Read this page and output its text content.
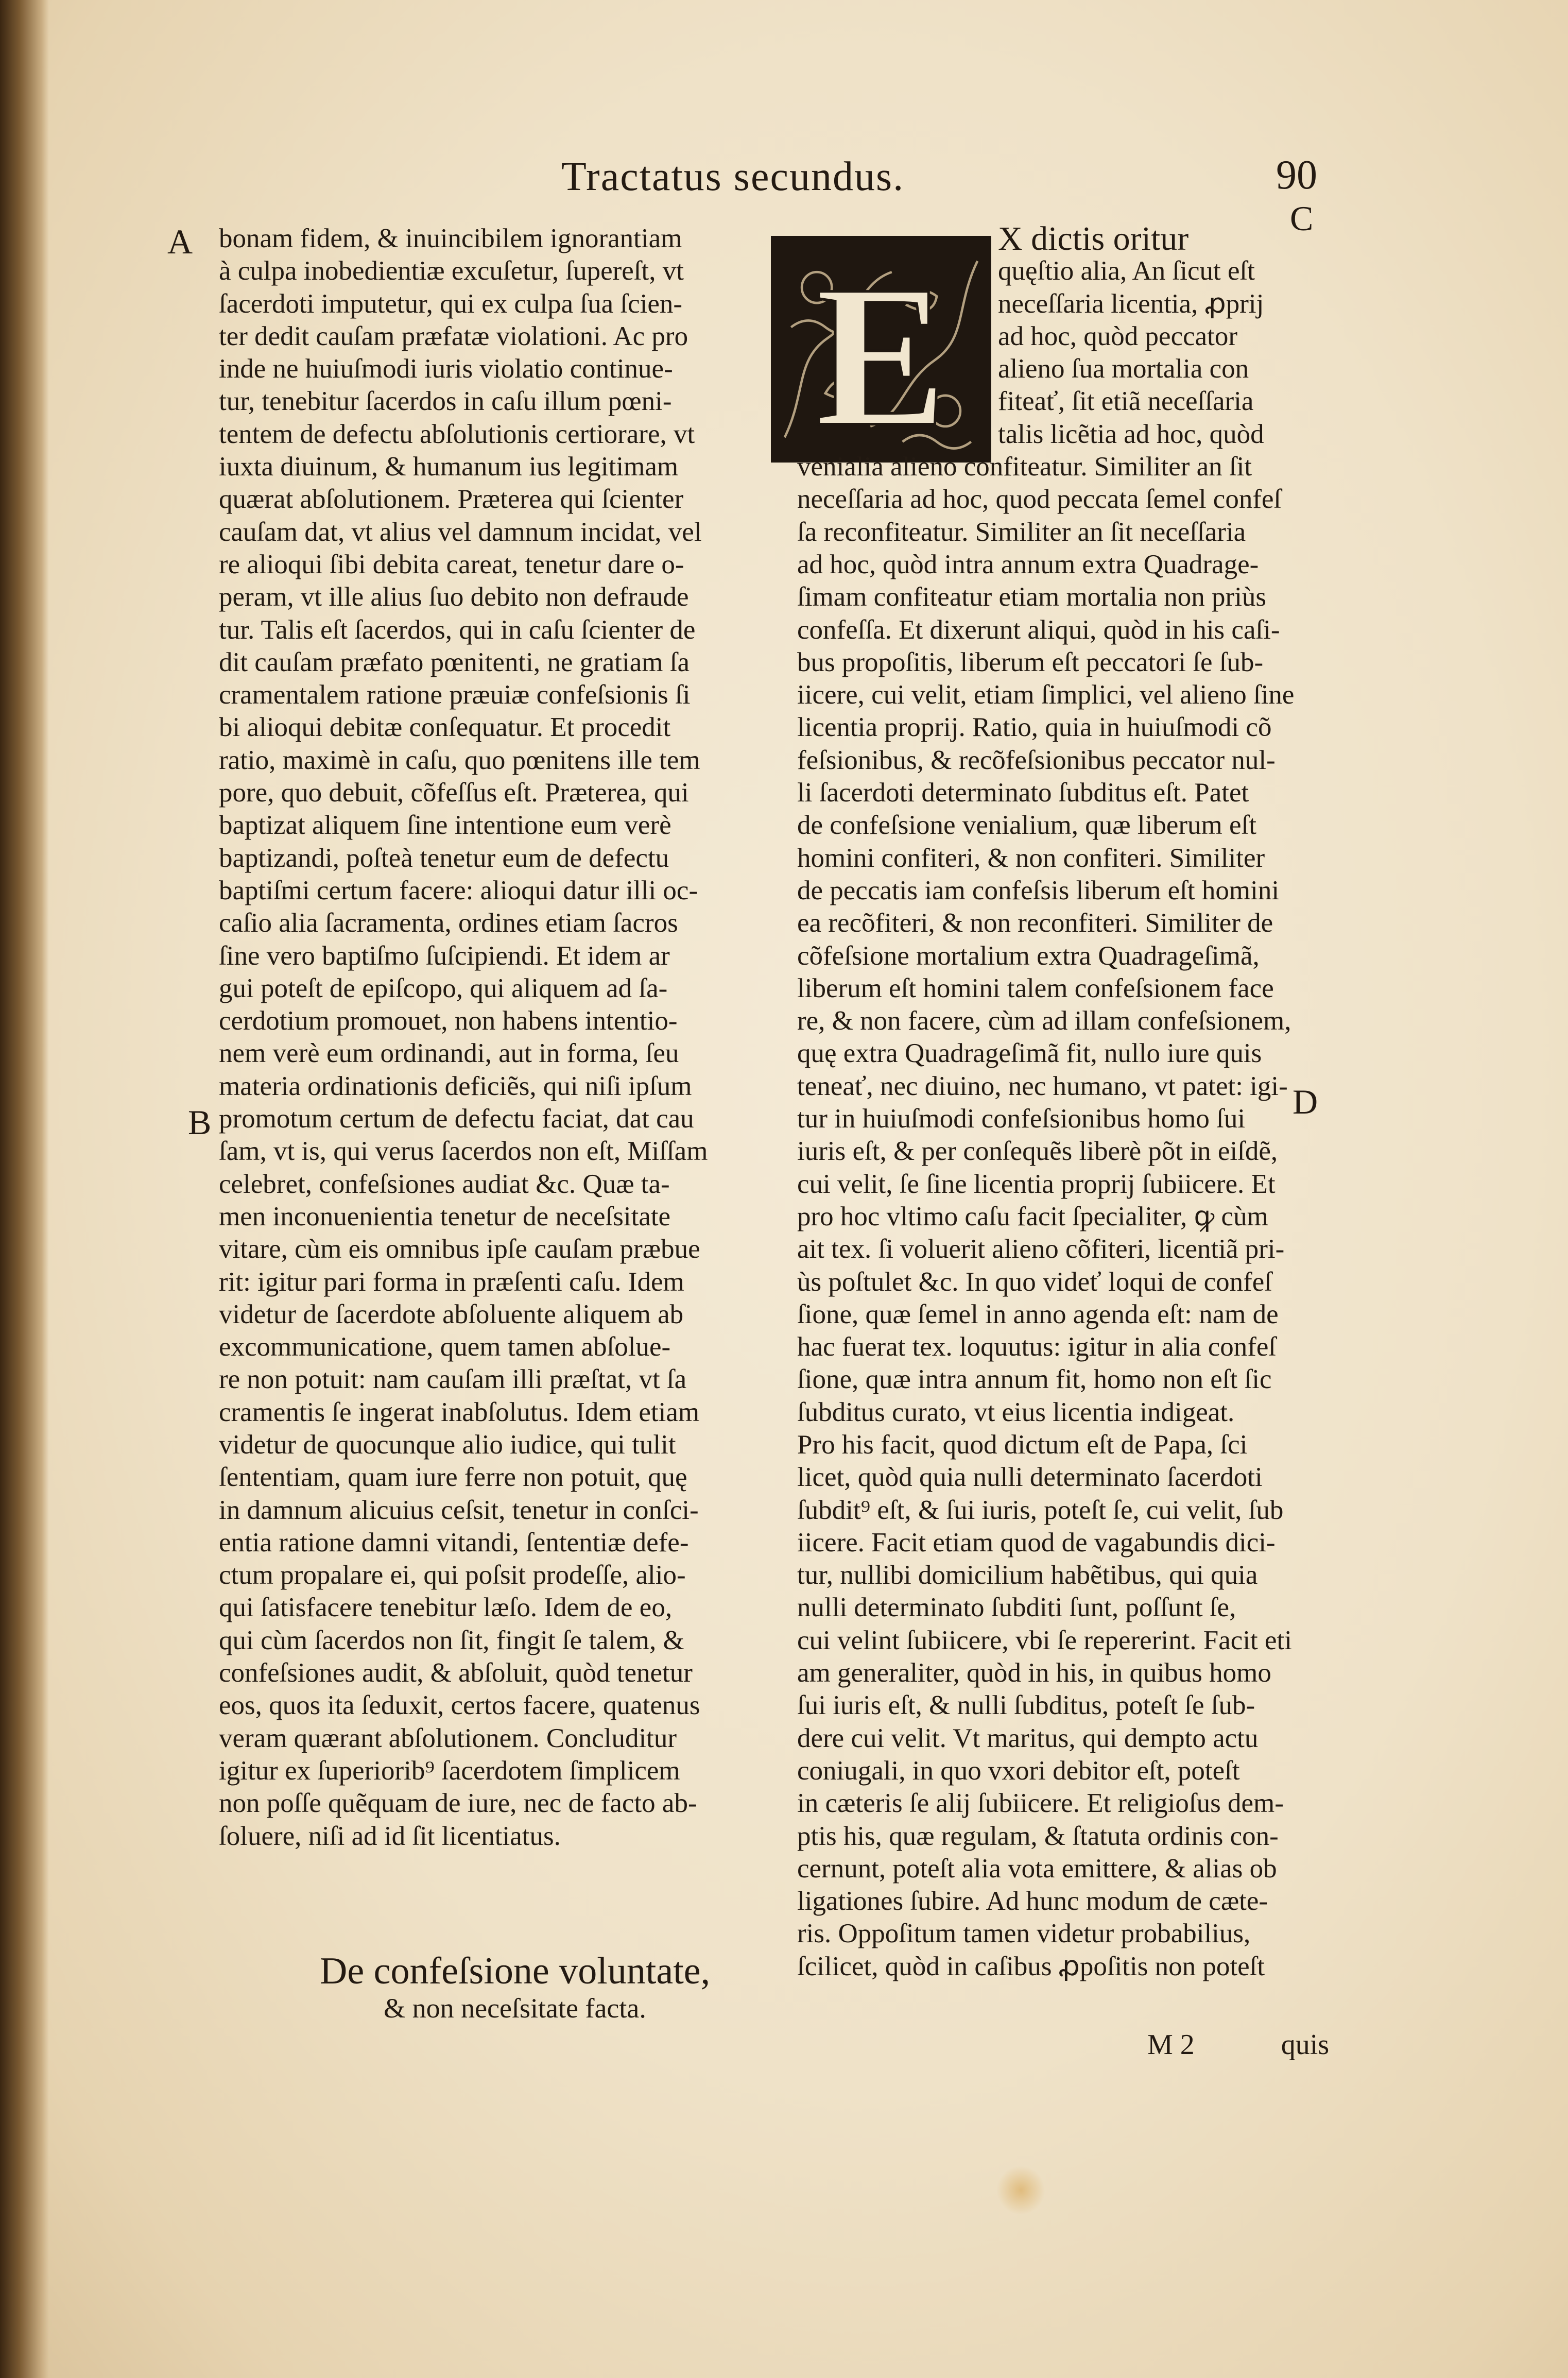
Tractatus secundus.	90
A
B
C
D
bonam fidem, & inuincibilem ignorantiam
à culpa inobedientiæ excuſetur, ſupereſt, vt
ſacerdoti imputetur, qui ex culpa ſua ſcien-
ter dedit cauſam præfatæ violationi. Ac pro
inde ne huiuſmodi iuris violatio continue-
tur, tenebitur ſacerdos in caſu illum pœni-
tentem de defectu abſolutionis certiorare, vt
iuxta diuinum, & humanum ius legitimam
quærat abſolutionem. Præterea qui ſcienter
cauſam dat, vt alius vel damnum incidat, vel
re alioqui ſibi debita careat, tenetur dare o-
peram, vt ille alius ſuo debito non defraude
tur. Talis eſt ſacerdos, qui in caſu ſcienter de
dit cauſam præfato pœnitenti, ne gratiam ſa
cramentalem ratione præuiæ confeſsionis ſi
bi alioqui debitæ conſequatur. Et procedit
ratio, maximè in caſu, quo pœnitens ille tem
pore, quo debuit, cõfeſſus eſt. Præterea, qui
baptizat aliquem ſine intentione eum verè
baptizandi, poſteà tenetur eum de defectu
baptiſmi certum facere: alioqui datur illi oc-
caſio alia ſacramenta, ordines etiam ſacros
ſine vero baptiſmo ſuſcipiendi. Et idem ar
gui poteſt de epiſcopo, qui aliquem ad ſa-
cerdotium promouet, non habens intentio-
nem verè eum ordinandi, aut in forma, ſeu
materia ordinationis deficiẽs, qui niſi ipſum
promotum certum de defectu faciat, dat cau
ſam, vt is, qui verus ſacerdos non eſt, Miſſam
celebret, confeſsiones audiat &c. Quæ ta-
men inconuenientia tenetur de neceſsitate
vitare, cùm eis omnibus ipſe cauſam præbue
rit: igitur pari forma in præſenti caſu. Idem
videtur de ſacerdote abſoluente aliquem ab
excommunicatione, quem tamen abſolue-
re non potuit: nam cauſam illi præſtat, vt ſa
cramentis ſe ingerat inabſolutus. Idem etiam
videtur de quocunque alio iudice, qui tulit
ſententiam, quam iure ferre non potuit, quę
in damnum alicuius ceſsit, tenetur in conſci-
entia ratione damni vitandi, ſententiæ defe-
ctum propalare ei, qui poſsit prodeſſe, alio-
qui ſatisfacere tenebitur læſo. Idem de eo,
qui cùm ſacerdos non ſit, fingit ſe talem, &
confeſsiones audit, & abſoluit, quòd tenetur
eos, quos ita ſeduxit, certos facere, quatenus
veram quærant abſolutionem. Concluditur
igitur ex ſuperiorib⁹ ſacerdotem ſimplicem
non poſſe quẽquam de iure, nec de facto ab-
ſoluere, niſi ad id ſit licentiatus.
De confeſsione voluntate,
& non neceſsitate facta.
E
X dictis oritur
quęſtio alia, An ſicut eſt
neceſſaria licentia, ꝓprij
ad hoc, quòd peccator
alieno ſua mortalia con
fiteať, ſit etiã neceſſaria
talis licẽtia ad hoc, quòd
venialia alieno confiteatur. Similiter an ſit
neceſſaria ad hoc, quod peccata ſemel confeſ
ſa reconfiteatur. Similiter an ſit neceſſaria
ad hoc, quòd intra annum extra Quadrage-
ſimam confiteatur etiam mortalia non priùs
confeſſa. Et dixerunt aliqui, quòd in his caſi-
bus propoſitis, liberum eſt peccatori ſe ſub-
iicere, cui velit, etiam ſimplici, vel alieno ſine
licentia proprij. Ratio, quia in huiuſmodi cõ
feſsionibus, & recõfeſsionibus peccator nul-
li ſacerdoti determinato ſubditus eſt. Patet
de confeſsione venialium, quæ liberum eſt
homini confiteri, & non confiteri. Similiter
de peccatis iam confeſsis liberum eſt homini
ea recõfiteri, & non reconfiteri. Similiter de
cõfeſsione mortalium extra Quadrageſimã,
liberum eſt homini talem confeſsionem face
re, & non facere, cùm ad illam confeſsionem,
quę extra Quadrageſimã fit, nullo iure quis
teneať, nec diuino, nec humano, vt patet: igi-
tur in huiuſmodi confeſsionibus homo ſui
iuris eſt, & per conſequẽs liberè põt in eiſdẽ,
cui velit, ſe ſine licentia proprij ſubiicere. Et
pro hoc vltimo caſu facit ſpecialiter, ꝙ cùm
ait tex. ſi voluerit alieno cõfiteri, licentiã pri-
ùs poſtulet &c. In quo videť loqui de confeſ
ſione, quæ ſemel in anno agenda eſt: nam de
hac fuerat tex. loquutus: igitur in alia confeſ
ſione, quæ intra annum fit, homo non eſt ſic
ſubditus curato, vt eius licentia indigeat.
Pro his facit, quod dictum eſt de Papa, ſci
licet, quòd quia nulli determinato ſacerdoti
ſubdit⁹ eſt, & ſui iuris, poteſt ſe, cui velit, ſub
iicere. Facit etiam quod de vagabundis dici-
tur, nullibi domicilium habẽtibus, qui quia
nulli determinato ſubditi ſunt, poſſunt ſe,
cui velint ſubiicere, vbi ſe repererint. Facit eti
am generaliter, quòd in his, in quibus homo
ſui iuris eſt, & nulli ſubditus, poteſt ſe ſub-
dere cui velit. Vt maritus, qui dempto actu
coniugali, in quo vxori debitor eſt, poteſt
in cæteris ſe alij ſubiicere. Et religioſus dem-
ptis his, quæ regulam, & ſtatuta ordinis con-
cernunt, poteſt alia vota emittere, & alias ob
ligationes ſubire. Ad hunc modum de cæte-
ris. Oppoſitum tamen videtur probabilius,
ſcilicet, quòd in caſibus ꝓpoſitis non poteſt
M 2	quis
